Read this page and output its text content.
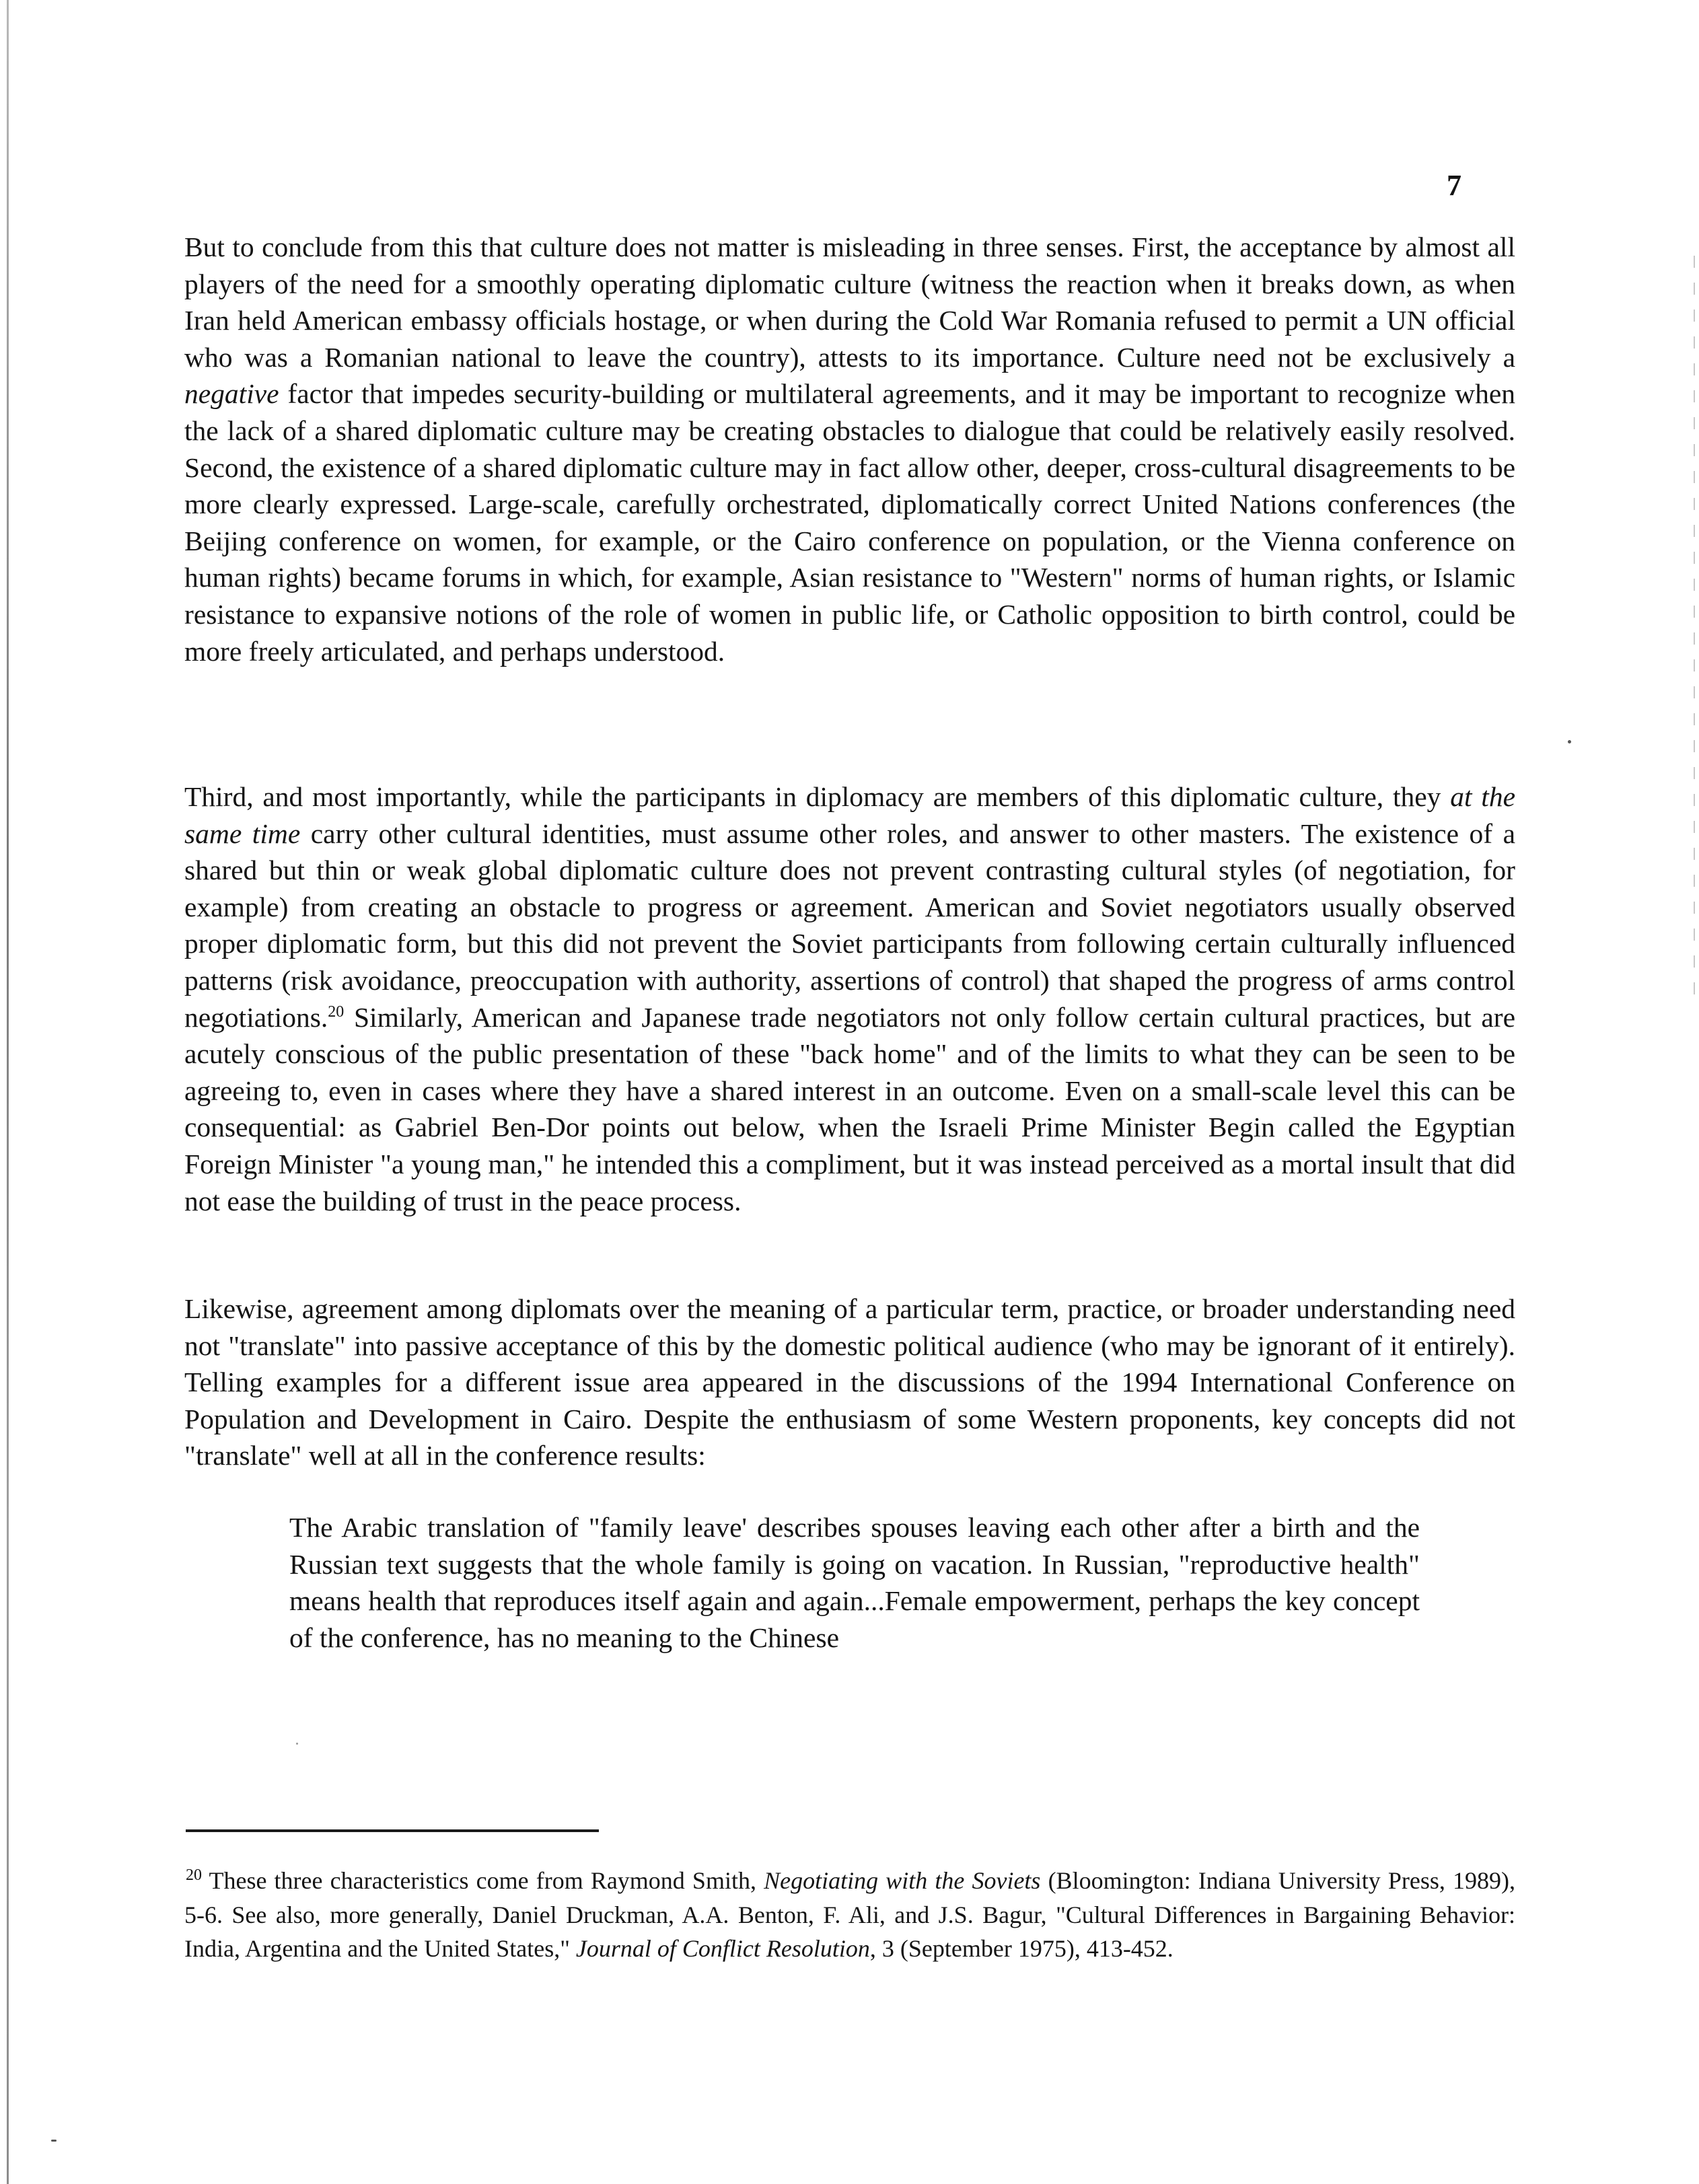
7

But to conclude from this that culture does not matter is misleading in three senses. First, the acceptance by almost all players of the need for a smoothly operating diplomatic culture (witness the reaction when it breaks down, as when Iran held American embassy officials hostage, or when during the Cold War Romania refused to permit a UN official who was a Romanian national to leave the country), attests to its importance. Culture need not be exclusively a negative factor that impedes security-building or multilateral agreements, and it may be important to recognize when the lack of a shared diplomatic culture may be creating obstacles to dialogue that could be relatively easily resolved. Second, the existence of a shared diplomatic culture may in fact allow other, deeper, cross-cultural disagreements to be more clearly expressed. Large-scale, carefully orchestrated, diplomatically correct United Nations conferences (the Beijing conference on women, for example, or the Cairo conference on population, or the Vienna conference on human rights) became forums in which, for example, Asian resistance to "Western" norms of human rights, or Islamic resistance to expansive notions of the role of women in public life, or Catholic opposition to birth control, could be more freely articulated, and perhaps understood.

Third, and most importantly, while the participants in diplomacy are members of this diplomatic culture, they at the same time carry other cultural identities, must assume other roles, and answer to other masters. The existence of a shared but thin or weak global diplomatic culture does not prevent contrasting cultural styles (of negotiation, for example) from creating an obstacle to progress or agreement. American and Soviet negotiators usually observed proper diplomatic form, but this did not prevent the Soviet participants from following certain culturally influenced patterns (risk avoidance, preoccupation with authority, assertions of control) that shaped the progress of arms control negotiations.$^{20}$ Similarly, American and Japanese trade negotiators not only follow certain cultural practices, but are acutely conscious of the public presentation of these "back home" and of the limits to what they can be seen to be agreeing to, even in cases where they have a shared interest in an outcome. Even on a small-scale level this can be consequential: as Gabriel Ben-Dor points out below, when the Israeli Prime Minister Begin called the Egyptian Foreign Minister "a young man," he intended this a compliment, but it was instead perceived as a mortal insult that did not ease the building of trust in the peace process.

Likewise, agreement among diplomats over the meaning of a particular term, practice, or broader understanding need not "translate" into passive acceptance of this by the domestic political audience (who may be ignorant of it entirely). Telling examples for a different issue area appeared in the discussions of the 1994 International Conference on Population and Development in Cairo. Despite the enthusiasm of some Western proponents, key concepts did not "translate" well at all in the conference results:

The Arabic translation of "family leave' describes spouses leaving each other after a birth and the Russian text suggests that the whole family is going on vacation. In Russian, "reproductive health" means health that reproduces itself again and again...Female empowerment, perhaps the key concept of the conference, has no meaning to the Chinese

$^{20}$ These three characteristics come from Raymond Smith, Negotiating with the Soviets (Bloomington: Indiana University Press, 1989), 5-6. See also, more generally, Daniel Druckman, A.A. Benton, F. Ali, and J.S. Bagur, "Cultural Differences in Bargaining Behavior: India, Argentina and the United States," Journal of Conflict Resolution, 3 (September 1975), 413-452.
